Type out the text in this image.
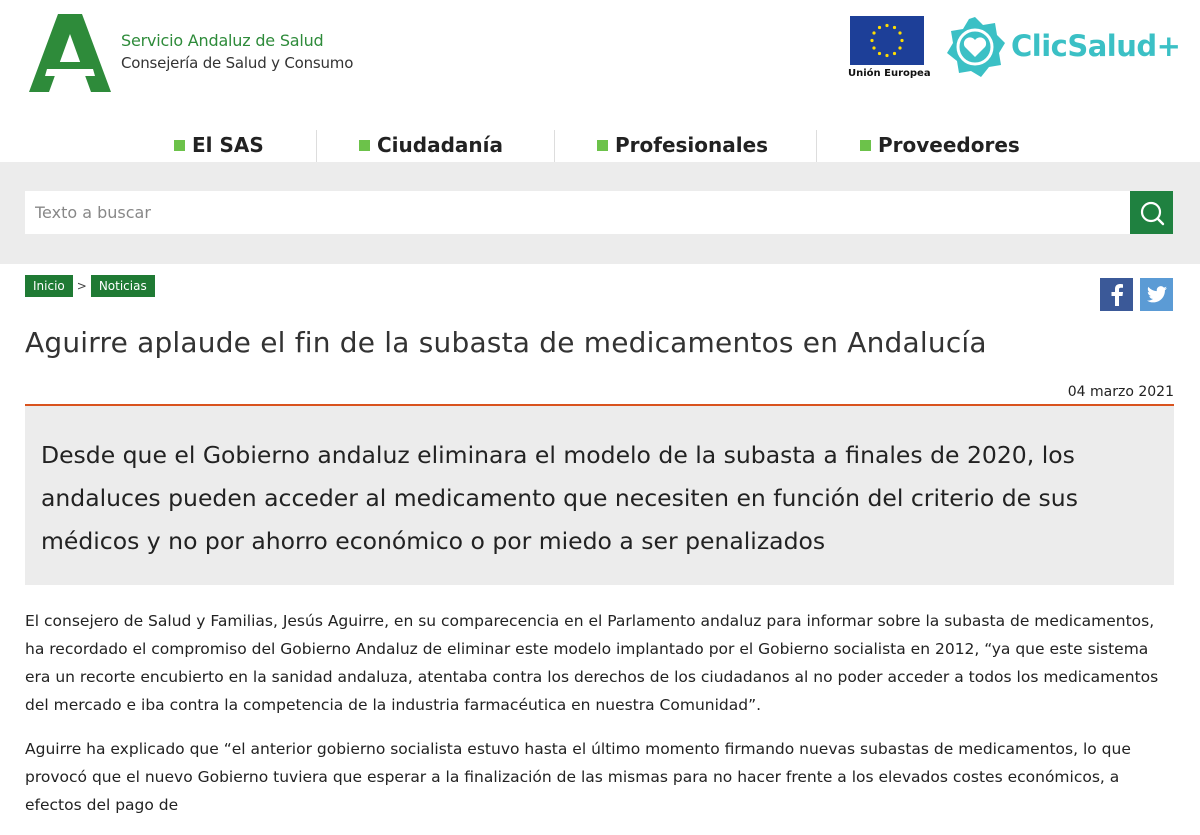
Servicio Andaluz de Salud
Consejería de Salud y Consumo
Unión Europea
ClicSalud+
El SAS	Ciudadanía	Profesionales	Proveedores
Texto a buscar
Inicio	>	Noticias
Aguirre aplaude el fin de la subasta de medicamentos en Andalucía
04 marzo 2021

Desde que el Gobierno andaluz eliminara el modelo de la subasta a finales de 2020, los andaluces pueden acceder al medicamento que necesiten en función del criterio de sus médicos y no por ahorro económico o por miedo a ser penalizados

El consejero de Salud y Familias, Jesús Aguirre, en su comparecencia en el Parlamento andaluz para informar sobre la subasta de medicamentos, ha recordado el compromiso del Gobierno Andaluz de eliminar este modelo implantado por el Gobierno socialista en 2012, “ya que este sistema era un recorte encubierto en la sanidad andaluza, atentaba contra los derechos de los ciudadanos al no poder acceder a todos los medicamentos del mercado e iba contra la competencia de la industria farmacéutica en nuestra Comunidad”.

Aguirre ha explicado que “el anterior gobierno socialista estuvo hasta el último momento firmando nuevas subastas de medicamentos, lo que provocó que el nuevo Gobierno tuviera que esperar a la finalización de las mismas para no hacer frente a los elevados costes económicos, a efectos del pago de
